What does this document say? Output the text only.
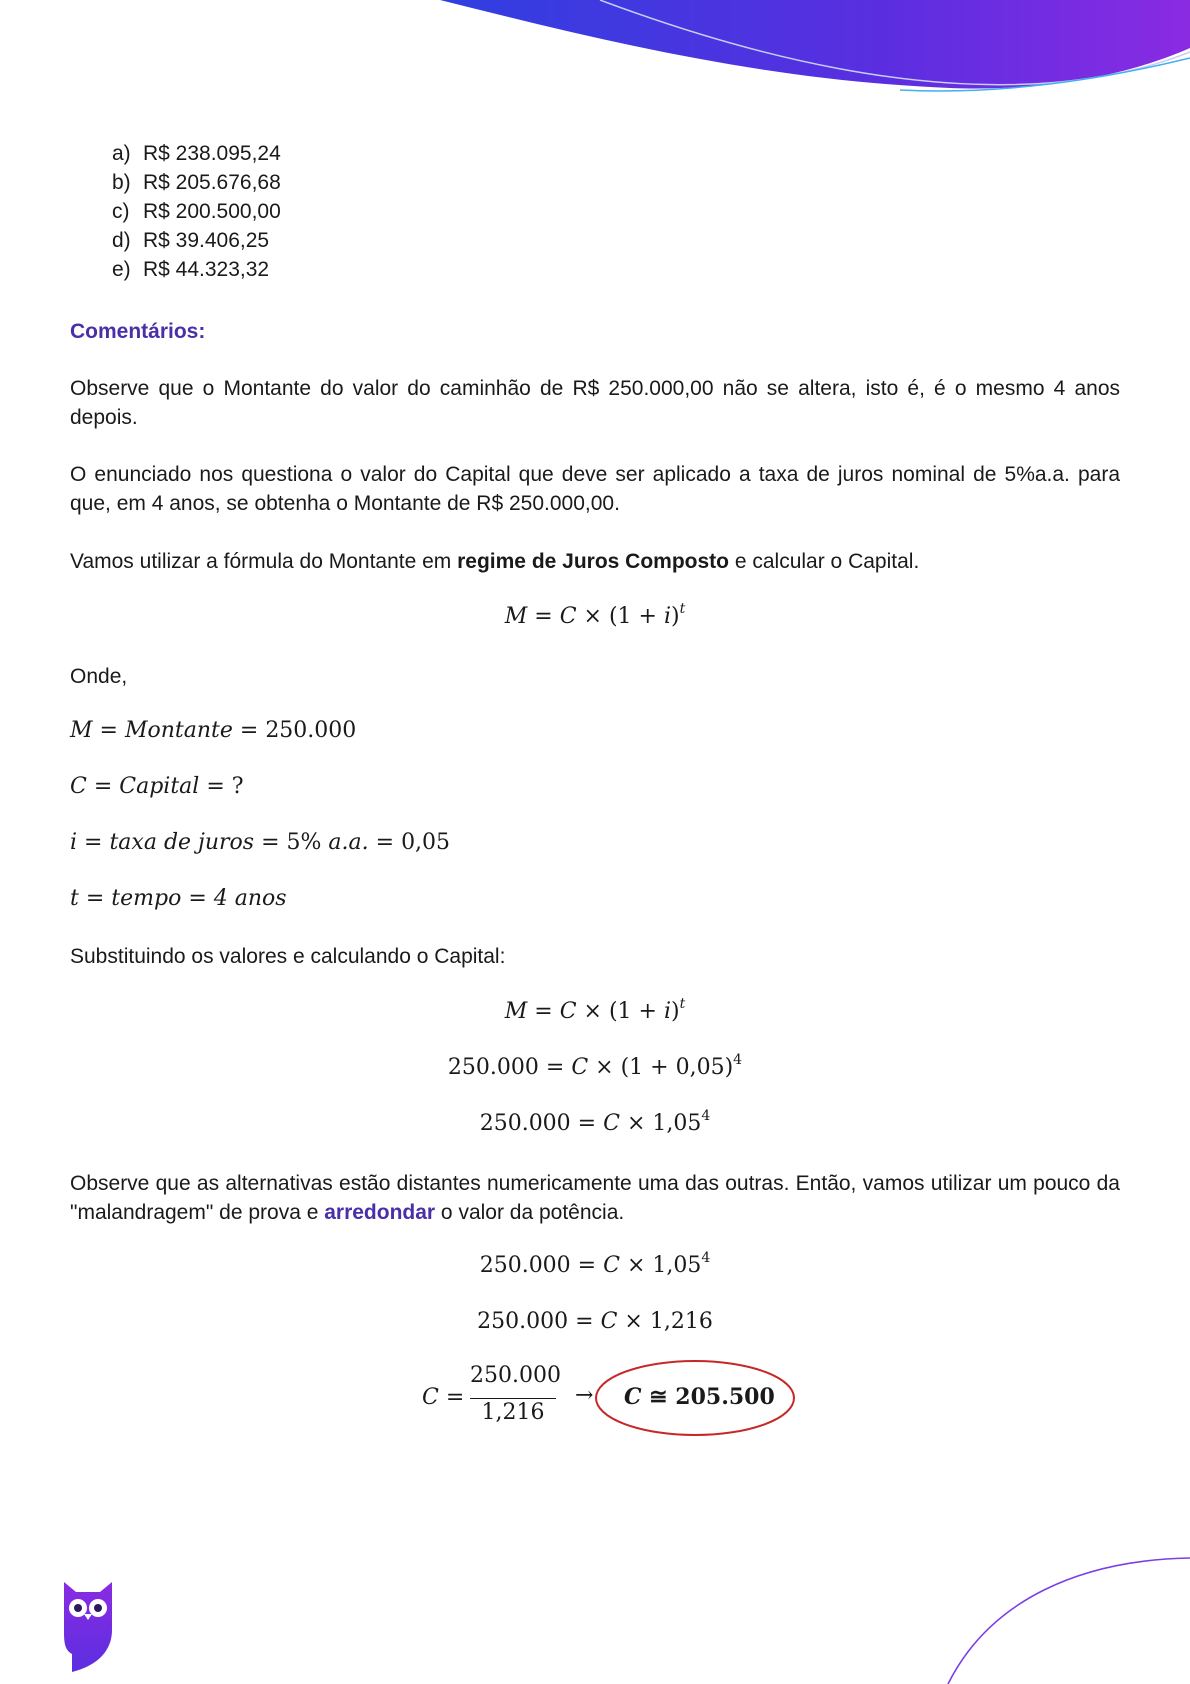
a) R$ 238.095,24
b) R$ 205.676,68
c) R$ 200.500,00
d) R$ 39.406,25
e) R$ 44.323,32
Comentários:
Observe que o Montante do valor do caminhão de R$ 250.000,00 não se altera, isto é, é o mesmo 4 anos depois.
O enunciado nos questiona o valor do Capital que deve ser aplicado a taxa de juros nominal de 5%a.a. para que, em 4 anos, se obtenha o Montante de R$ 250.000,00.
Vamos utilizar a fórmula do Montante em regime de Juros Composto e calcular o Capital.
$M = C \times (1 + i)^t$
Onde,
M = Montante = 250.000
C = Capital = ?
i = taxa de juros = 5% a.a. = 0,05
t = tempo = 4 anos
Substituindo os valores e calculando o Capital:
$M = C \times (1 + i)^t$
$250.000 = C \times (1 + 0,05)^4$
$250.000 = C \times 1,05^4$
Observe que as alternativas estão distantes numericamente uma das outras. Então, vamos utilizar um pouco da "malandragem" de prova e arredondar o valor da potência.
$250.000 = C \times 1,05^4$
250.000 = C × 1,216
C =
250.000
1,216
→ C ≅ 205.500
